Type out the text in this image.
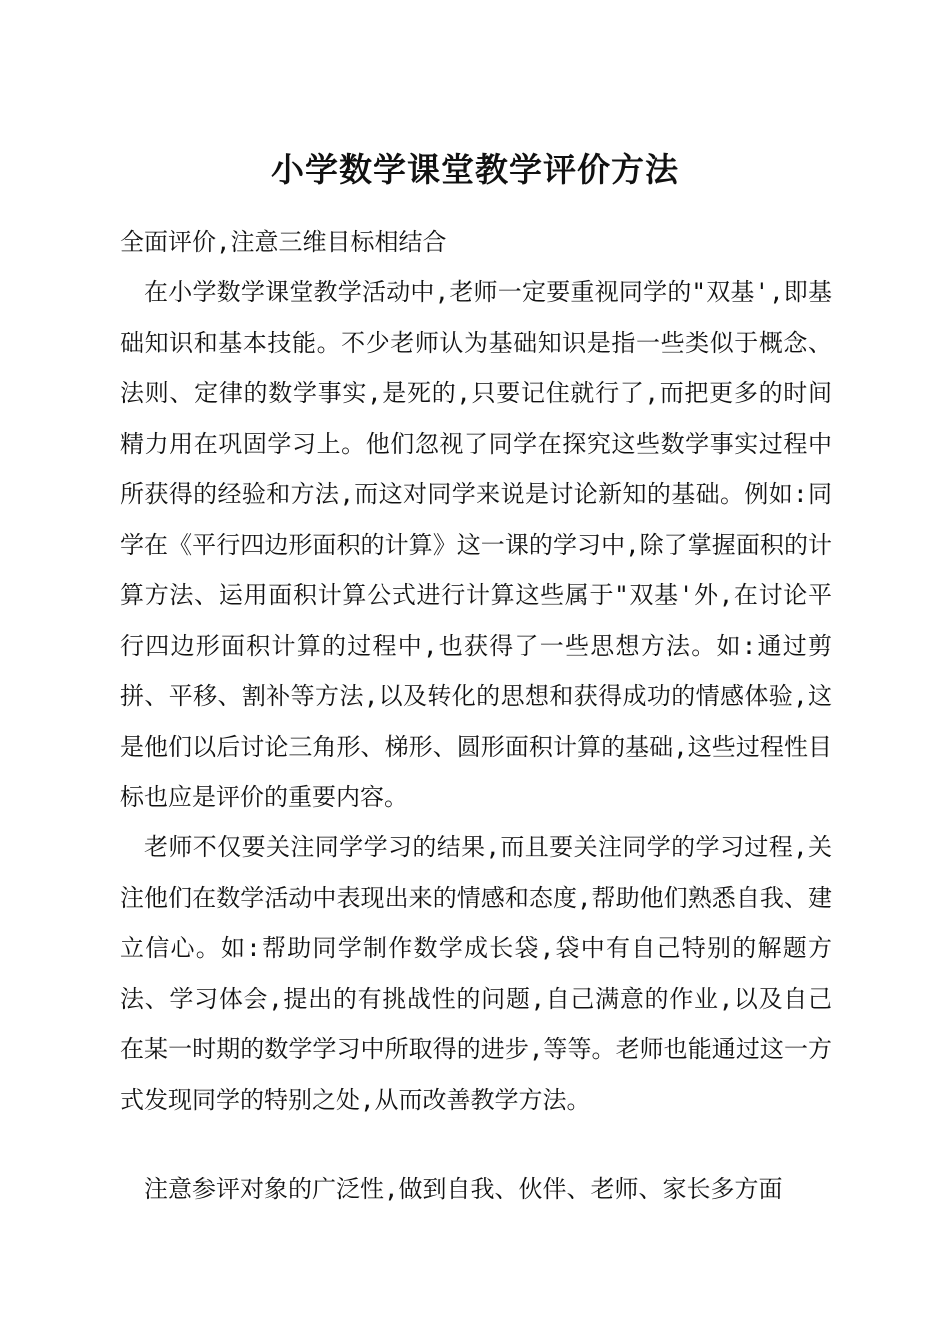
小学数学课堂教学评价方法

全面评价,注意三维目标相结合

在小学数学课堂教学活动中,老师一定要重视同学的"双基',即基础知识和基本技能。不少老师认为基础知识是指一些类似于概念、法则、定律的数学事实,是死的,只要记住就行了,而把更多的时间精力用在巩固学习上。他们忽视了同学在探究这些数学事实过程中所获得的经验和方法,而这对同学来说是讨论新知的基础。例如:同学在《平行四边形面积的计算》这一课的学习中,除了掌握面积的计算方法、运用面积计算公式进行计算这些属于"双基'外,在讨论平行四边形面积计算的过程中,也获得了一些思想方法。如:通过剪拼、平移、割补等方法,以及转化的思想和获得成功的情感体验,这是他们以后讨论三角形、梯形、圆形面积计算的基础,这些过程性目标也应是评价的重要内容。

老师不仅要关注同学学习的结果,而且要关注同学的学习过程,关注他们在数学活动中表现出来的情感和态度,帮助他们熟悉自我、建立信心。如:帮助同学制作数学成长袋,袋中有自己特别的解题方法、学习体会,提出的有挑战性的问题,自己满意的作业,以及自己在某一时期的数学学习中所取得的进步,等等。老师也能通过这一方式发现同学的特别之处,从而改善教学方法。

注意参评对象的广泛性,做到自我、伙伴、老师、家长多方面
